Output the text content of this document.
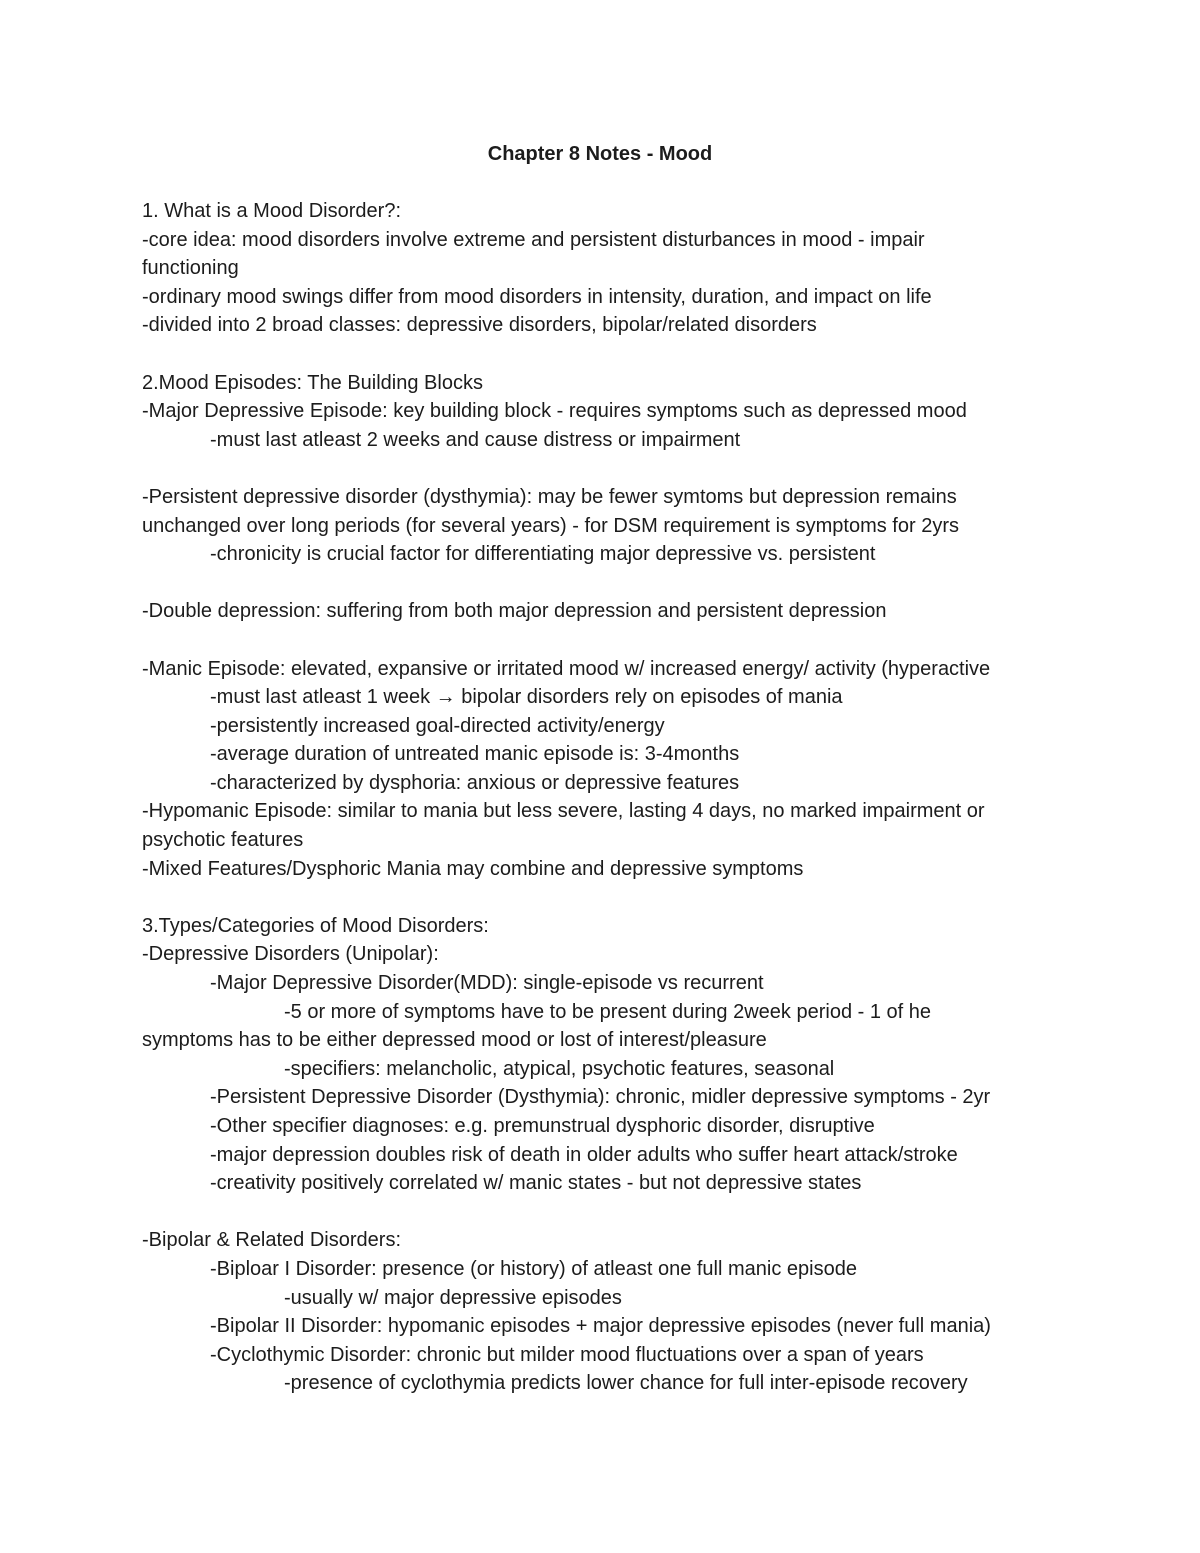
Chapter 8 Notes - Mood
1. What is a Mood Disorder?:
-core idea: mood disorders involve extreme and persistent disturbances in mood - impair
functioning
-ordinary mood swings differ from mood disorders in intensity, duration, and impact on life
-divided into 2 broad classes: depressive disorders, bipolar/related disorders
2.Mood Episodes: The Building Blocks
-Major Depressive Episode: key building block - requires symptoms such as depressed mood
-must last atleast 2 weeks and cause distress or impairment
-Persistent depressive disorder (dysthymia): may be fewer symtoms but depression remains
unchanged over long periods (for several years) - for DSM requirement is symptoms for 2yrs
-chronicity is crucial factor for differentiating major depressive vs. persistent
-Double depression: suffering from both major depression and persistent depression
-Manic Episode: elevated, expansive or irritated mood w/ increased energy/ activity (hyperactive
-must last atleast 1 week → bipolar disorders rely on episodes of mania
-persistently increased goal-directed activity/energy
-average duration of untreated manic episode is: 3-4months
-characterized by dysphoria: anxious or depressive features
-Hypomanic Episode: similar to mania but less severe, lasting 4 days, no marked impairment or
psychotic features
-Mixed Features/Dysphoric Mania may combine and depressive symptoms
3.Types/Categories of Mood Disorders:
-Depressive Disorders (Unipolar):
-Major Depressive Disorder(MDD): single-episode vs recurrent
-5 or more of symptoms have to be present during 2week period - 1 of he
symptoms has to be either depressed mood or lost of interest/pleasure
-specifiers: melancholic, atypical, psychotic features, seasonal
-Persistent Depressive Disorder (Dysthymia): chronic, midler depressive symptoms - 2yr
-Other specifier diagnoses: e.g. premunstrual dysphoric disorder, disruptive
-major depression doubles risk of death in older adults who suffer heart attack/stroke
-creativity positively correlated w/ manic states - but not depressive states
-Bipolar & Related Disorders:
-Biploar I Disorder: presence (or history) of atleast one full manic episode
-usually w/ major depressive episodes
-Bipolar II Disorder: hypomanic episodes + major depressive episodes (never full mania)
-Cyclothymic Disorder: chronic but milder mood fluctuations over a span of years
-presence of cyclothymia predicts lower chance for full inter-episode recovery
